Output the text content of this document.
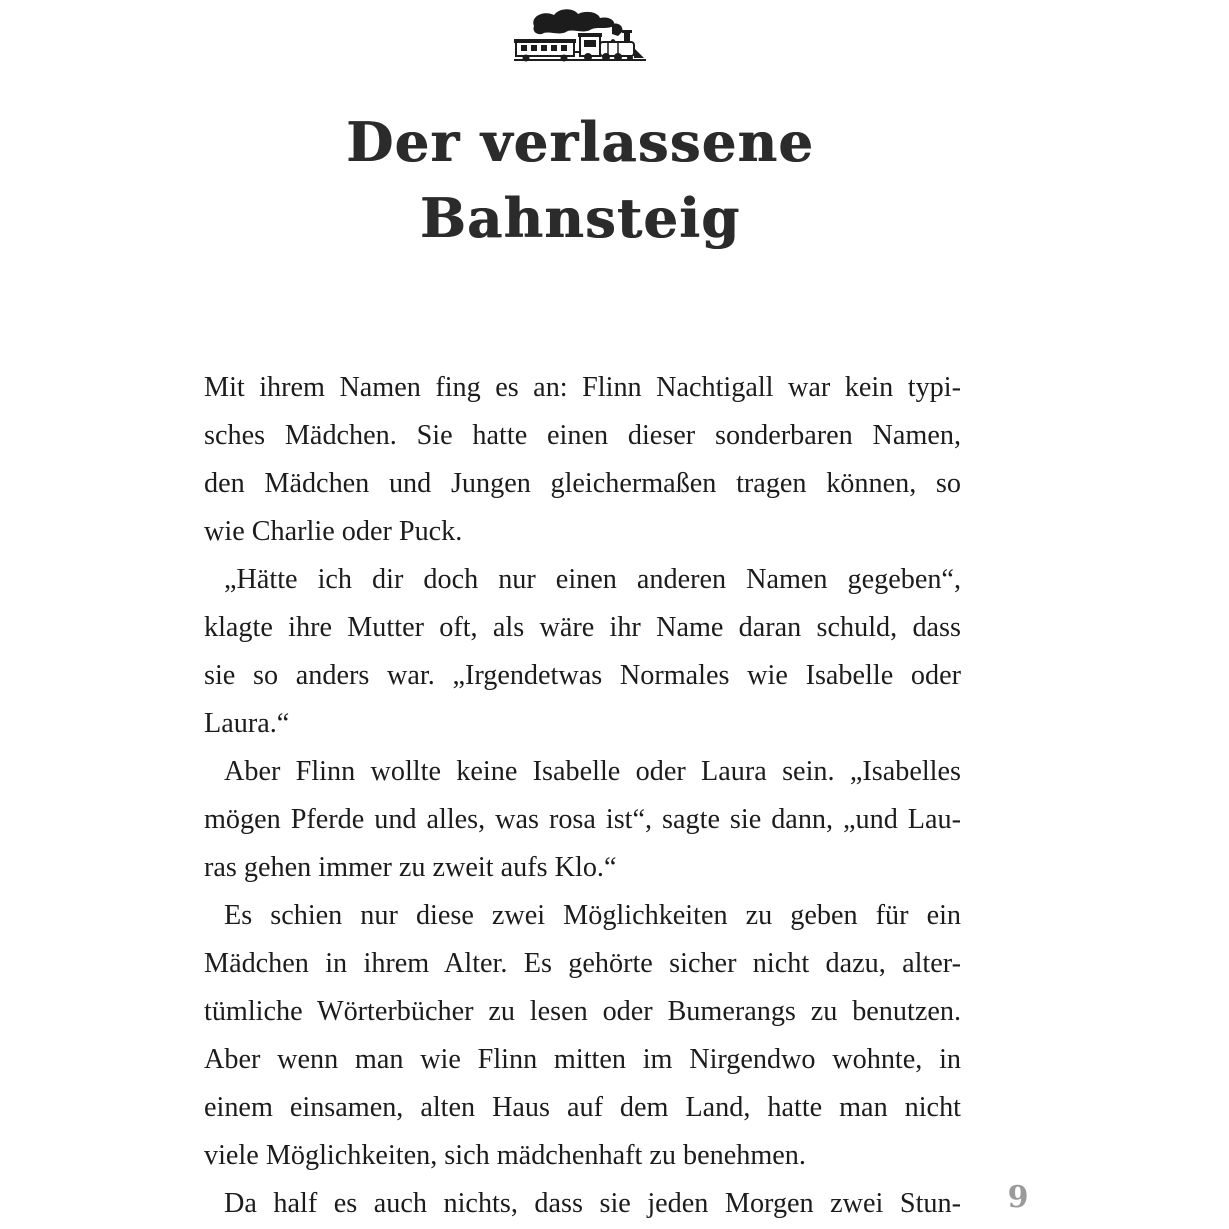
Der verlassene
Bahnsteig
Mit ihrem Namen fing es an: Flinn Nachtigall war kein typi-
sches Mädchen. Sie hatte einen dieser sonderbaren Namen,
den Mädchen und Jungen gleichermaßen tragen können, so
wie Charlie oder Puck.
„Hätte ich dir doch nur einen anderen Namen gegeben“,
klagte ihre Mutter oft, als wäre ihr Name daran schuld, dass
sie so anders war. „Irgendetwas Normales wie Isabelle oder
Laura.“
Aber Flinn wollte keine Isabelle oder Laura sein. „Isabelles
mögen Pferde und alles, was rosa ist“, sagte sie dann, „und Lau-
ras gehen immer zu zweit aufs Klo.“
Es schien nur diese zwei Möglichkeiten zu geben für ein
Mädchen in ihrem Alter. Es gehörte sicher nicht dazu, alter-
tümliche Wörterbücher zu lesen oder Bumerangs zu benutzen.
Aber wenn man wie Flinn mitten im Nirgendwo wohnte, in
einem einsamen, alten Haus auf dem Land, hatte man nicht
viele Möglichkeiten, sich mädchenhaft zu benehmen.
Da half es auch nichts, dass sie jeden Morgen zwei Stun- 9
